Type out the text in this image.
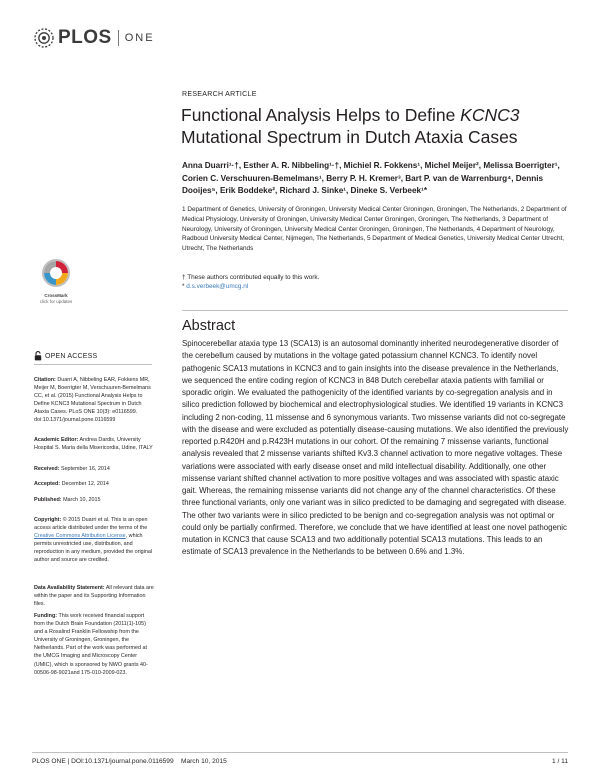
PLOS ONE
RESEARCH ARTICLE
Functional Analysis Helps to Define KCNC3
Mutational Spectrum in Dutch Ataxia Cases

Anna Duarri¹·†, Esther A. R. Nibbeling¹·†, Michiel R. Fokkens¹, Michel Meijer², Melissa Boerrigter¹, Corien C. Verschuuren-Bemelmans¹, Berry P. H. Kremer³, Bart P. van de Warrenburg⁴, Dennis Dooijes⁵, Erik Boddeke², Richard J. Sinke¹, Dineke S. Verbeek¹*

1 Department of Genetics, University of Groningen, University Medical Center Groningen, Groningen, The Netherlands, 2 Department of Medical Physiology, University of Groningen, University Medical Center Groningen, Groningen, The Netherlands, 3 Department of Neurology, University of Groningen, University Medical Center Groningen, Groningen, The Netherlands, 4 Department of Neurology, Radboud University Medical Center, Nijmegen, The Netherlands, 5 Department of Medical Genetics, University Medical Center Utrecht, Utrecht, The Netherlands

† These authors contributed equally to this work.
* d.s.verbeek@umcg.nl
CrossMark
click for updates
Abstract

Spinocerebellar ataxia type 13 (SCA13) is an autosomal dominantly inherited neurodegenerative disorder of the cerebellum caused by mutations in the voltage gated potassium channel KCNC3. To identify novel pathogenic SCA13 mutations in KCNC3 and to gain insights into the disease prevalence in the Netherlands, we sequenced the entire coding region of KCNC3 in 848 Dutch cerebellar ataxia patients with familial or sporadic origin. We evaluated the pathogenicity of the identified variants by co-segregation analysis and in silico prediction followed by biochemical and electrophysiological studies. We identified 19 variants in KCNC3 including 2 non-coding, 11 missense and 6 synonymous variants. Two missense variants did not co-segregate with the disease and were excluded as potentially disease-causing mutations. We also identified the previously reported p.R420H and p.R423H mutations in our cohort. Of the remaining 7 missense variants, functional analysis revealed that 2 missense variants shifted Kv3.3 channel activation to more negative voltages. These variations were associated with early disease onset and mild intellectual disability. Additionally, one other missense variant shifted channel activation to more positive voltages and was associated with spastic ataxic gait. Whereas, the remaining missense variants did not change any of the channel characteristics. Of these three functional variants, only one variant was in silico predicted to be damaging and segregated with disease. The other two variants were in silico predicted to be benign and co-segregation analysis was not optimal or could only be partially confirmed. Therefore, we conclude that we have identified at least one novel pathogenic mutation in KCNC3 that cause SCA13 and two additionally potential SCA13 mutations. This leads to an estimate of SCA13 prevalence in the Netherlands to be between 0.6% and 1.3%.

OPEN ACCESS
Citation: Duarri A, Nibbeling EAR, Fokkens MR, Meijer M, Boerrigter M, Verschuuren-Bemelmans CC, et al. (2015) Functional Analysis Helps to Define KCNC3 Mutational Spectrum in Dutch Ataxia Cases. PLoS ONE 10(3): e0116599. doi:10.1371/journal.pone.0116599
Academic Editor: Andrea Dardis, University Hospital S. Maria della Misericordia, Udine, ITALY
Received: September 16, 2014
Accepted: December 12, 2014
Published: March 10, 2015
Copyright: © 2015 Duarri et al. This is an open access article distributed under the terms of the Creative Commons Attribution License, which permits unrestricted use, distribution, and reproduction in any medium, provided the original author and source are credited.
Data Availability Statement: All relevant data are within the paper and its Supporting Information files.
Funding: This work received financial support from the Dutch Brain Foundation (2011(1)-105) and a Rosalind Franklin Fellowship from the University of Groningen, Groningen, the Netherlands. Part of the work was performed at the UMCG Imaging and Microscopy Center (UMIC), which is sponsored by NWO grants 40-00506-98-9021and 175-010-2009-023.
PLOS ONE | DOI:10.1371/journal.pone.0116599    March 10, 2015	1 / 11
